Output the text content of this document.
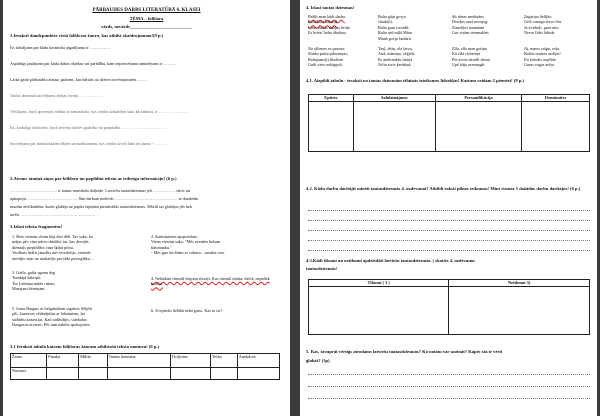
PĀRBAUDES DARBS LITERATŪRĀ 6. KLASEI
TĒMA – folklora
vārds, uzvārds___________________________
1.Ieraksti dandrpunktes vietā folkloras žanru, kas atbilst skaidrojumam!(9 p.)
Īss stāstījums par kādu kosmisku atgadījumu ir ……………
Asprātīgs jautājums par kādu dabas objektu vai parādību, kam nepieciešama atminējums ir ………
Laika gaitā pārbaudīta atziņa, padoms, kas balstās uz dzīves novērojumiem………
Tautas dziesmā sacerējums dzejas formā………………
Vēstījums, kurā apvienots reālais ar fantastisko, kas cenšas izskaidrot kaut kā rašanos, ir …………………
Īss, kodolīgs izteiciens, kurā ietverta dzīves gudrība vai pamācība – …………………………
Sacerējums par fantastiskiem tēliem un notikumiem, kas cenšas izcelt labo un ļauno - ………
2.Atrunc atmiņā ziņas par folkloru un papildini tekstu ar iederīgu informāciju! (6 p.)
……………………………. ir tautas mutvārdu daiļrade. Latviešu tautasdziesmas jeb ……………. vācis un
apkopojis………………………………. Šim darbam nodevās ……………………………………… ar dandzām
mazām atvilktnītēm, kurās glabāja uz papīra lapiņām pierakstītās tautasdziesmas. Sēbrīd tas glabājas jeb tiek
turēts ………………………………………………
3.Izlasi tekstu fragmentus!
1. Reiz vienam vīram bija divi dēli. Tas saka, ka
mājas pēc viņa nāves dabūšot tas, kas devejās
diennaļs piepildīšot viņa šķūni pilnu.
Vecākais brālis jaunāks nav iesedošijs, viesmēr
nievājis viņu un uzskatījis par tādu pavieglāku…
2. Kaimiņienes apsprieduss.
Viena viestiņi saka: "Mēs avenēm liekam
kūtomniku."
- Mēs gan tās ēdam ar cukuru…nosaka otra.
3. Gaiša, gaiša ugunu deg
Tumšajā kaktiņā;
Tur Laimiņa mūžu rakstu
Mazajam bērniņam.
4. Nekādam cūmušī degoņu slavaļi. Kas cūmuļi slaska, dzīvā, nepalīek bezālu.
5. Ivans Bargais ar lielgabaliem sagrāvis Sēlpils
pili. Jaunavas vēdinājušas ar lakatiņiem, lai
sadūrītu kazaviļus. Kad sadūsdijis, salekušas
Daugavas atvaros. Pēc tam nakitīs spokojoties.
6. Zvejnieks lielākā nekā gaiss. Kas ta sir?
3.1 Ieraksti tabulā katram folkloras žanram atbilstošā teksta numuru! (6 p.)
Žanrs	Pasaka	Mīkla	Tautas dziesma	Ticējums	Teika	Anekdote
Numurs						
4. Izlasi tautas dziesmas!
Brāļīs man kādi darba
Baltābola kalniņā
Citas mašas dubļus brida
Es brien' baltu āboliņu.
Balta gāju govju
slaukt(i),
Balta gani istvadīt,
Balta sēd mīļā Māra
Manā govju laidarā.
Sīt sēnas meitiņām
Dvieļus auzt nevajag;
Zirnekļiti naundani
Gar visām sienmalēm.
Zagatiņa lielījās:
Grib vanaga sievu būt.
Ja zvirbuļi, gara aste,
Nevar līdzi lidināt.
No tālienes es pazinu:
Slinka puiša pilavniņas;
Baltajams(i) āboliem
Gaili vain nokāpjoši.
Tauļ, tētiņ, ola laivu,
Aud, māmiņa, zēģelīt:
Es aizbraukšu jūriņā
Zelta zivis ķerūtiņā.
Zīla, zīla man gotiņa
Kā zīlā cielaviņa
Pie avota dzirdīt dzinu
Upē kāju nomazgāt
Ai, manu valgu, zaļu,
Baltas maizes ardījas!
Kā balodis noplīda
Garas vagas arēju.
4.1. Aizpildi tabulu - ieraksti no tautas dziesmām tēlainās izteiksmes līdzekļus! Katram veidam 2 piemēri! (8 p.)
Epitets	Salīdzinājums	Personifikācija	Deminutīvs

4.2. Kādu darbu darītājiš minēti tautasdziesmās 4. uzdevumā? Atbildi rakstī pilnos teikumos! Mini vismaz 5 dažādus darbu darītājus! (6 p.)
4.3.Kādi tikumi un netikumi apdziedāti latviešu tautasdziesmās. ( skaties 4. uzdevumu
tautasdziesmās!
Tikumi ( 3 )	Netikumi 3)

5. Kas, tavuprāt vērtīgs atrodams latviešu tautasdziesmās? Ko notām var uzzināt? Kāpēc tās ir vērti
glabāt? (3p)
